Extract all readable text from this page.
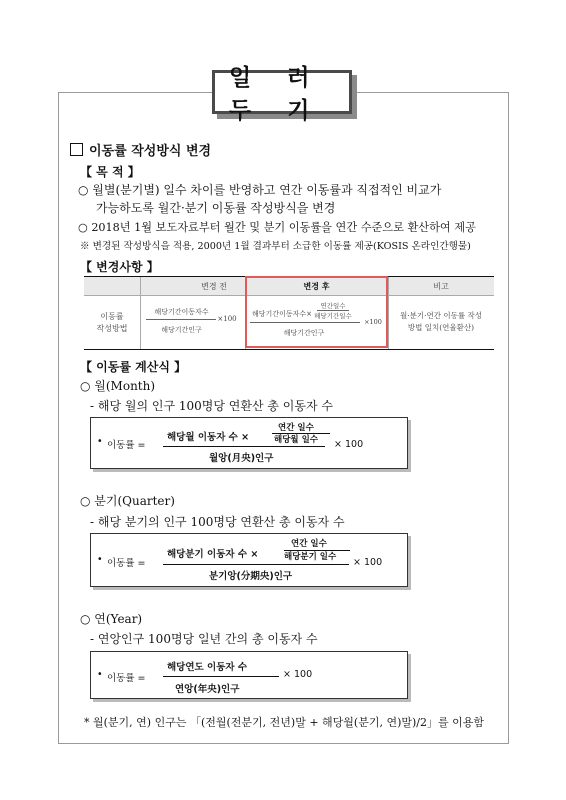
일 러 두 기
이동률 작성방식 변경
【 목 적 】
○ 월별(분기별) 일수 차이를 반영하고 연간 이동률과 직접적인 비교가
가능하도록 월간·분기 이동률 작성방식을 변경
○ 2018년 1월 보도자료부터 월간 및 분기 이동률을 연간 수준으로 환산하여 제공
※ 변경된 작성방식을 적용, 2000년 1월 결과부터 소급한 이동률 제공(KOSIS 온라인간행물)
【 변경사항 】
변경 전	변경 후	비고
이동률
작성방법
해당기간이동자수
×100
해당기간인구
해당기간이동자수×
연간일수
해당기간일수
×100
해당기간인구
월·분기·연간 이동률 작성
방법 일치(연율환산)
【 이동률 계산식 】
○ 월(Month)
- 해당 월의 인구 100명당 연환산 총 이동자 수
• 이동률 =
해당월 이동자 수 ×
연간 일수
해당월 일수 × 100
월앙(月央)인구
○ 분기(Quarter)
- 해당 분기의 인구 100명당 연환산 총 이동자 수
• 이동률 =
해당분기 이동자 수 ×
연간 일수
해당분기 일수 × 100
분기앙(分期央)인구
○ 연(Year)
- 연앙인구 100명당 일년 간의 총 이동자 수
• 이동률 =
해당연도 이동자 수
× 100
연앙(年央)인구
* 월(분기, 연) 인구는 「(전월(전분기, 전년)말 + 해당월(분기, 연)말)/2」를 이용함
